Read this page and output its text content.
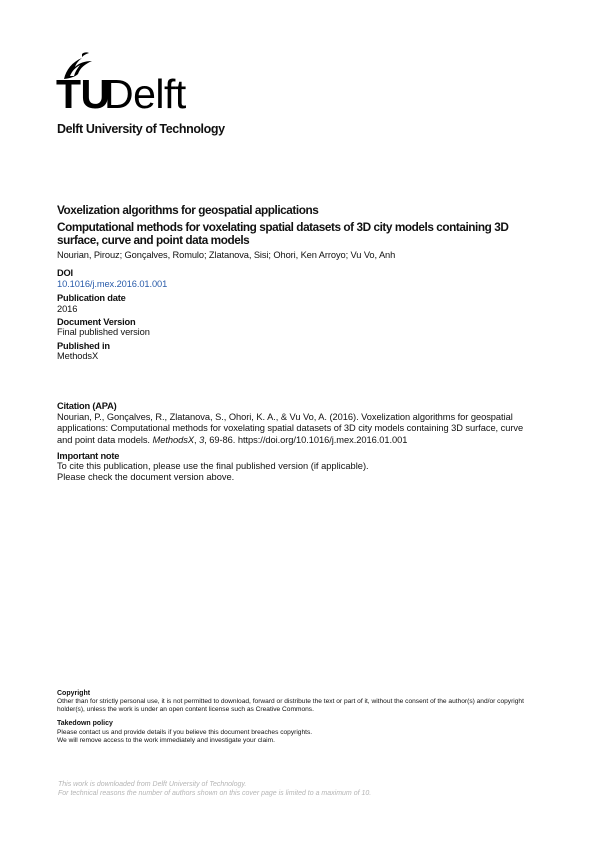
TU
Delft
Delft University of Technology
Voxelization algorithms for geospatial applications
Computational methods for voxelating spatial datasets of 3D city models containing 3D surface, curve and point data models
Nourian, Pirouz; Gonçalves, Romulo; Zlatanova, Sisi; Ohori, Ken Arroyo; Vu Vo, Anh
DOI
10.1016/j.mex.2016.01.001
Publication date
2016
Document Version
Final published version
Published in
MethodsX
Citation (APA)
Nourian, P., Gonçalves, R., Zlatanova, S., Ohori, K. A., & Vu Vo, A. (2016). Voxelization algorithms for geospatial applications: Computational methods for voxelating spatial datasets of 3D city models containing 3D surface, curve and point data models. MethodsX, 3, 69-86. https://doi.org/10.1016/j.mex.2016.01.001
Important note
To cite this publication, please use the final published version (if applicable).
Please check the document version above.
Copyright
Other than for strictly personal use, it is not permitted to download, forward or distribute the text or part of it, without the consent of the author(s) and/or copyright holder(s), unless the work is under an open content license such as Creative Commons.
Takedown policy
Please contact us and provide details if you believe this document breaches copyrights.
We will remove access to the work immediately and investigate your claim.
This work is downloaded from Delft University of Technology.
For technical reasons the number of authors shown on this cover page is limited to a maximum of 10.
